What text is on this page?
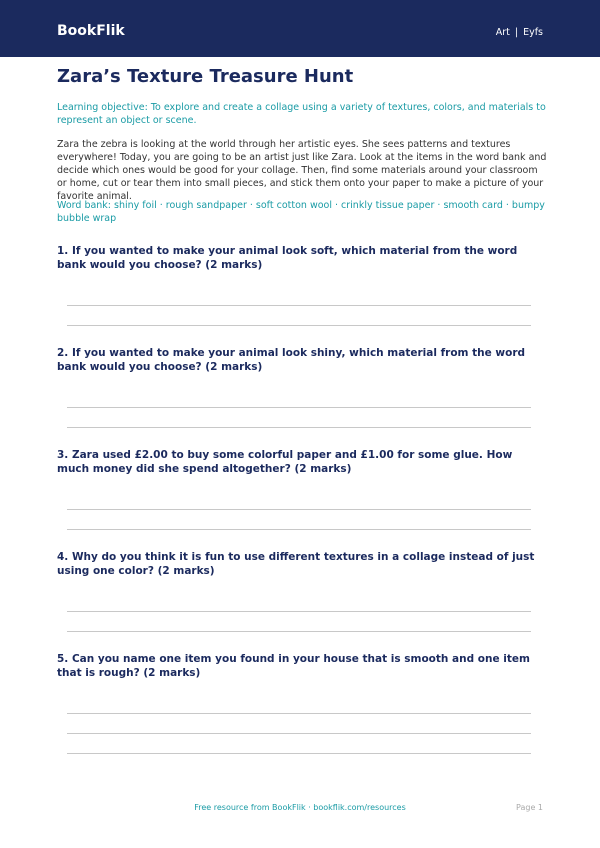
BookFlik	Art | Eyfs
Zara’s Texture Treasure Hunt
Learning objective: To explore and create a collage using a variety of textures, colors, and materials to represent an object or scene.
Zara the zebra is looking at the world through her artistic eyes. She sees patterns and textures everywhere! Today, you are going to be an artist just like Zara. Look at the items in the word bank and decide which ones would be good for your collage. Then, find some materials around your classroom or home, cut or tear them into small pieces, and stick them onto your paper to make a picture of your favorite animal.
Word bank: shiny foil · rough sandpaper · soft cotton wool · crinkly tissue paper · smooth card · bumpy bubble wrap
1. If you wanted to make your animal look soft, which material from the word bank would you choose? (2 marks)
2. If you wanted to make your animal look shiny, which material from the word bank would you choose? (2 marks)
3. Zara used £2.00 to buy some colorful paper and £1.00 for some glue. How much money did she spend altogether? (2 marks)
4. Why do you think it is fun to use different textures in a collage instead of just using one color? (2 marks)
5. Can you name one item you found in your house that is smooth and one item that is rough? (2 marks)
Free resource from BookFlik · bookflik.com/resources	Page 1
